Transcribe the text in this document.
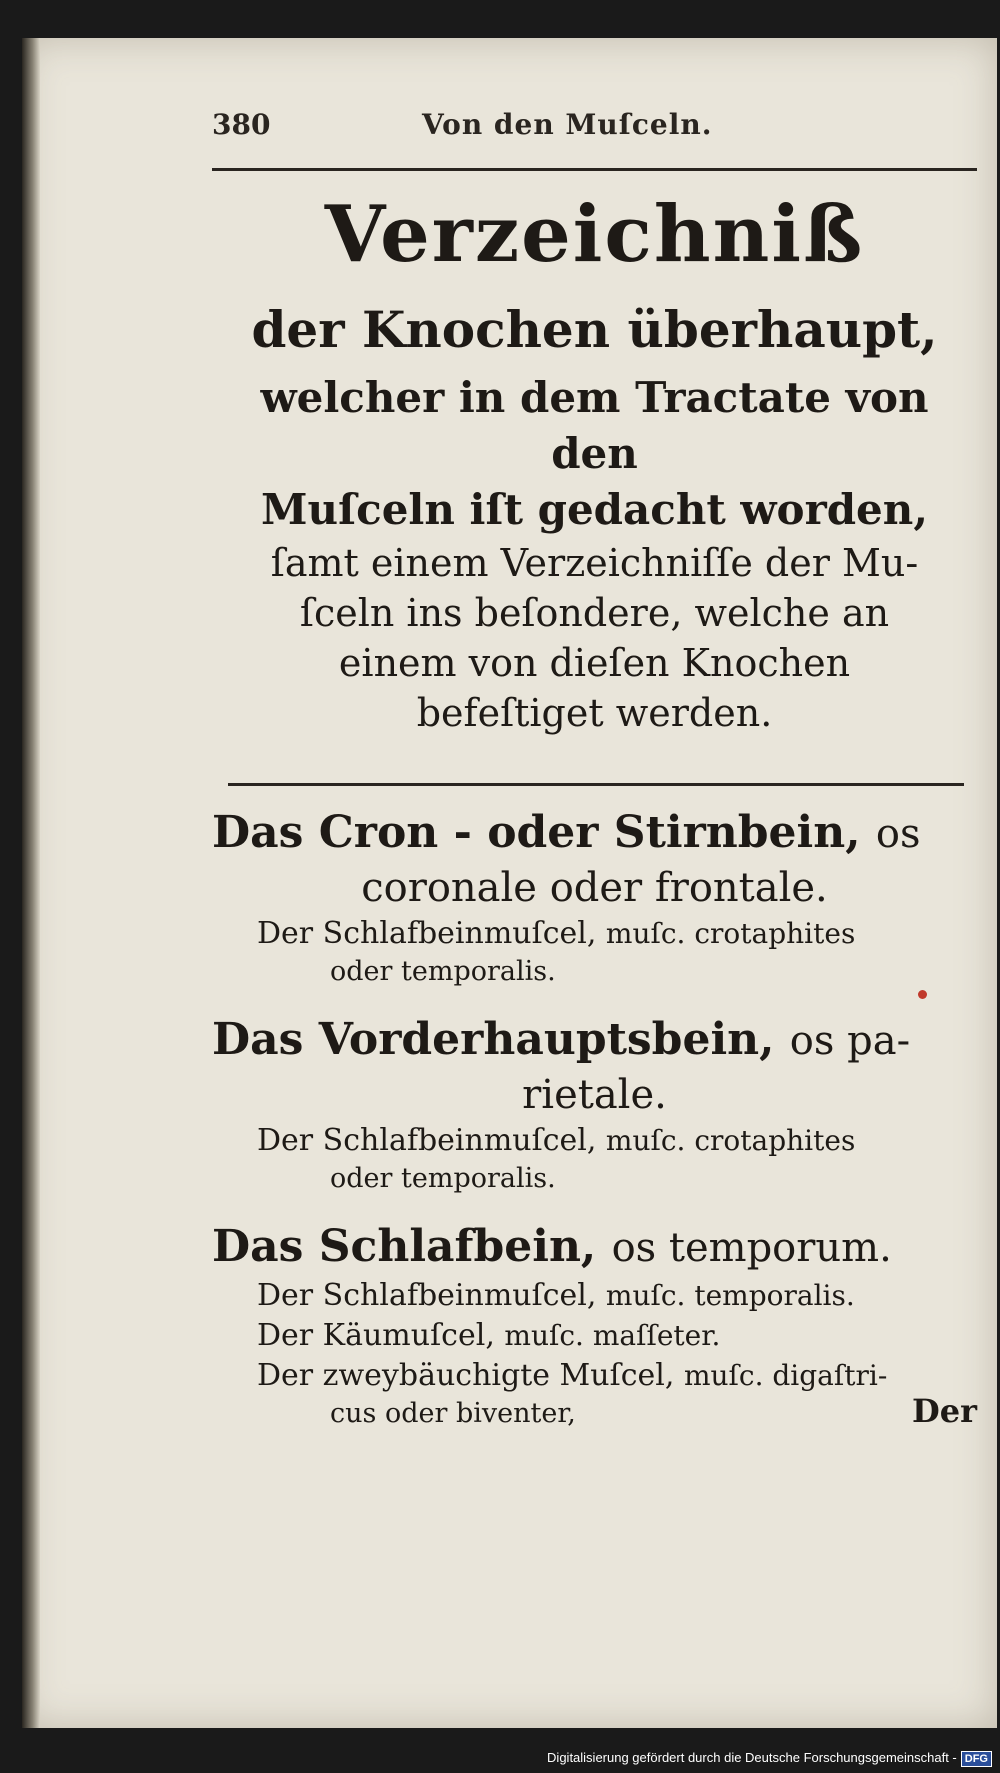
380	Von den Muſceln.
Verzeichniß
der Knochen überhaupt,
welcher in dem Tractate von den
Muſceln iſt gedacht worden,
ſamt einem Verzeichniſſe der Mu-
ſceln ins beſondere, welche an
einem von dieſen Knochen
befeſtiget werden.
Das Cron - oder Stirnbein, os
coronale oder frontale.
Der Schlafbeinmuſcel, muſc. crotaphites
oder temporalis.
Das Vorderhauptsbein, os pa-
rietale.
Der Schlafbeinmuſcel, muſc. crotaphites
oder temporalis.
Das Schlafbein, os temporum.
Der Schlafbeinmuſcel, muſc. temporalis.
Der Käumuſcel, muſc. maſſeter.
Der zweybäuchigte Muſcel, muſc. digaſtri-
cus oder biventer,	Der
Digitalisierung gefördert durch die Deutsche Forschungsgemeinschaft - DFG
